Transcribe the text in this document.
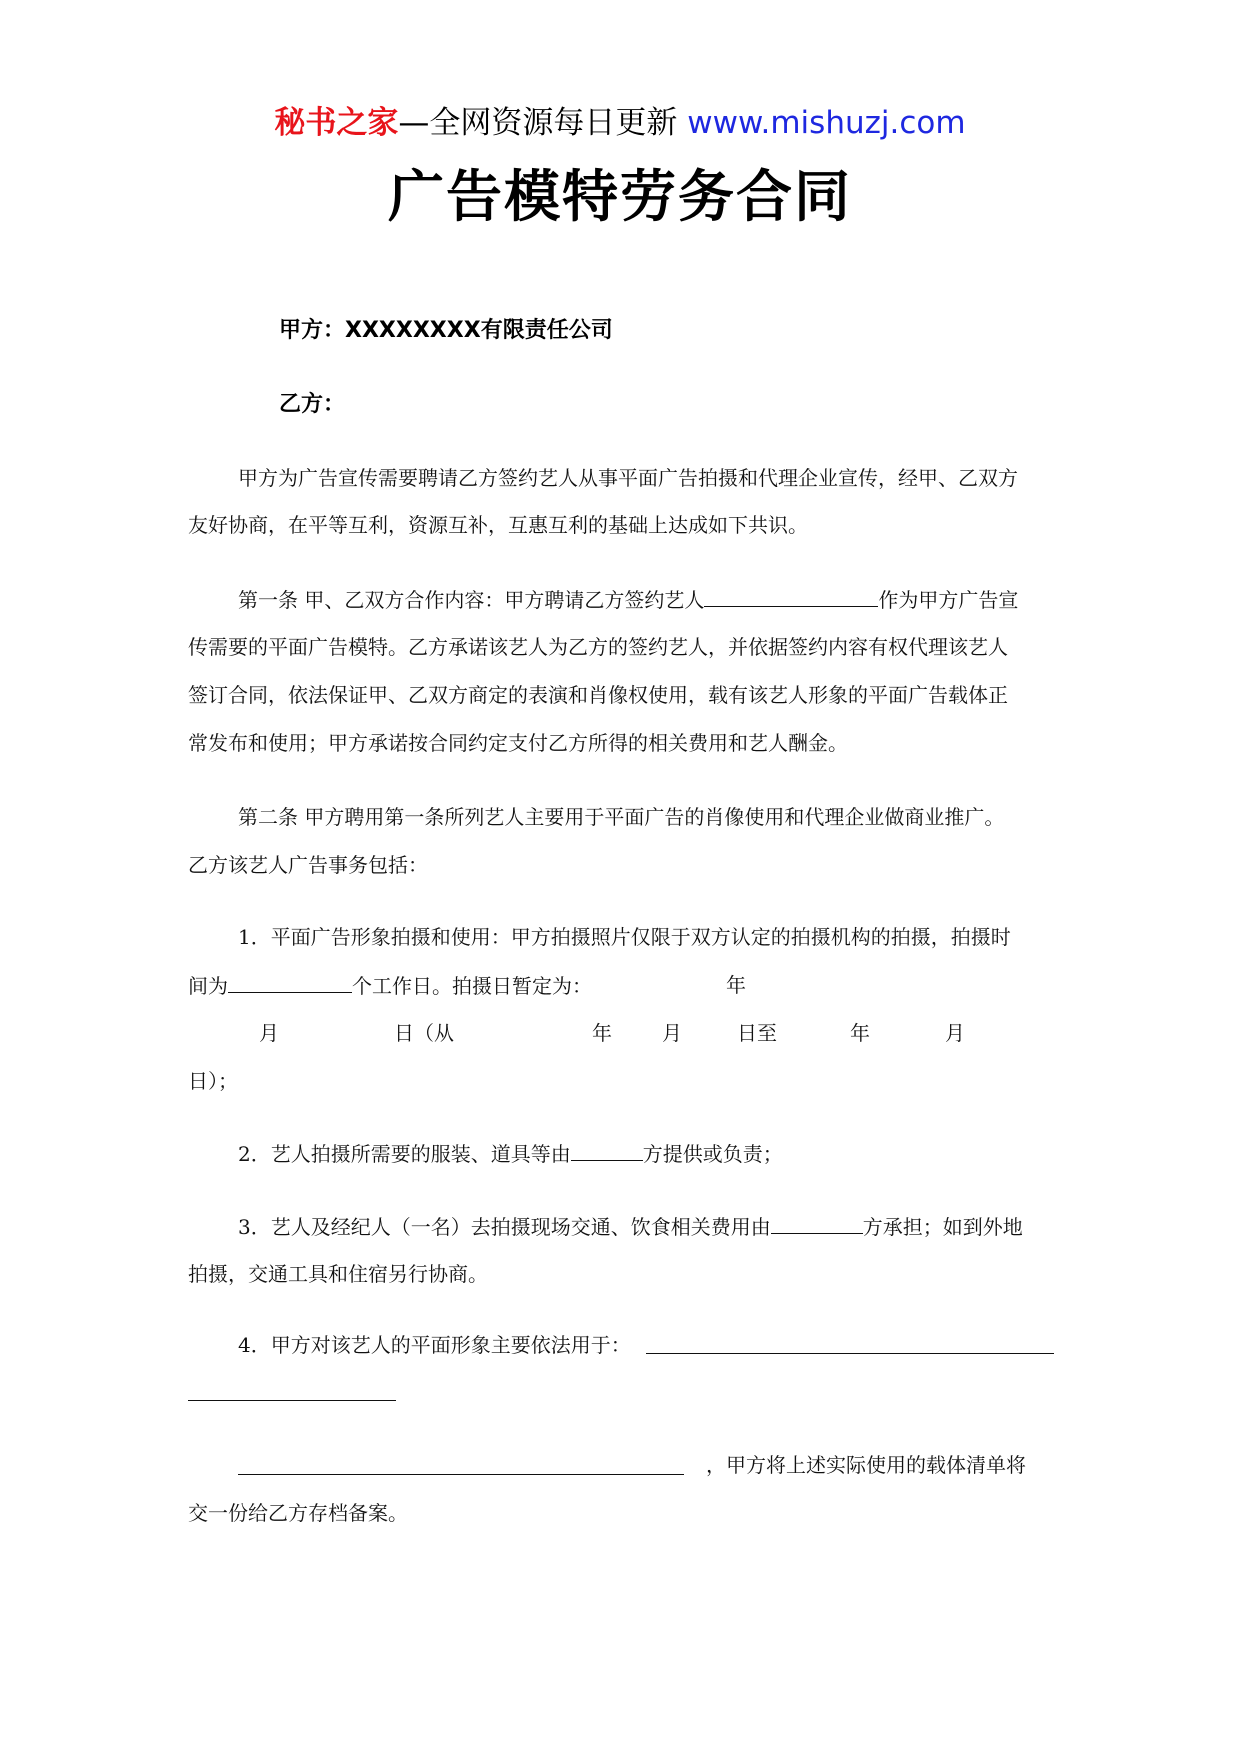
秘书之家—全网资源每日更新 www.mishuzj.com
广告模特劳务合同
甲方：XXXXXXXX有限责任公司
乙方：
甲方为广告宣传需要聘请乙方签约艺人从事平面广告拍摄和代理企业宣传，经甲、乙双方
友好协商，在平等互利，资源互补，互惠互利的基础上达成如下共识。
第一条 甲、乙双方合作内容：甲方聘请乙方签约艺人	作为甲方广告宣
传需要的平面广告模特。乙方承诺该艺人为乙方的签约艺人，并依据签约内容有权代理该艺人
签订合同，依法保证甲、乙双方商定的表演和肖像权使用，载有该艺人形象的平面广告载体正
常发布和使用；甲方承诺按合同约定支付乙方所得的相关费用和艺人酬金。
第二条 甲方聘用第一条所列艺人主要用于平面广告的肖像使用和代理企业做商业推广。
乙方该艺人广告事务包括：
1．平面广告形象拍摄和使用：甲方拍摄照片仅限于双方认定的拍摄机构的拍摄，拍摄时
间为	个工作日。拍摄日暂定为：	年
月	日（从	年	月	日至	年	月
日）；
2．艺人拍摄所需要的服装、道具等由	方提供或负责；
3．艺人及经纪人（一名）去拍摄现场交通、饮食相关费用由	方承担；如到外地
拍摄，交通工具和住宿另行协商。
4．甲方对该艺人的平面形象主要依法用于：
，甲方将上述实际使用的载体清单将
交一份给乙方存档备案。
